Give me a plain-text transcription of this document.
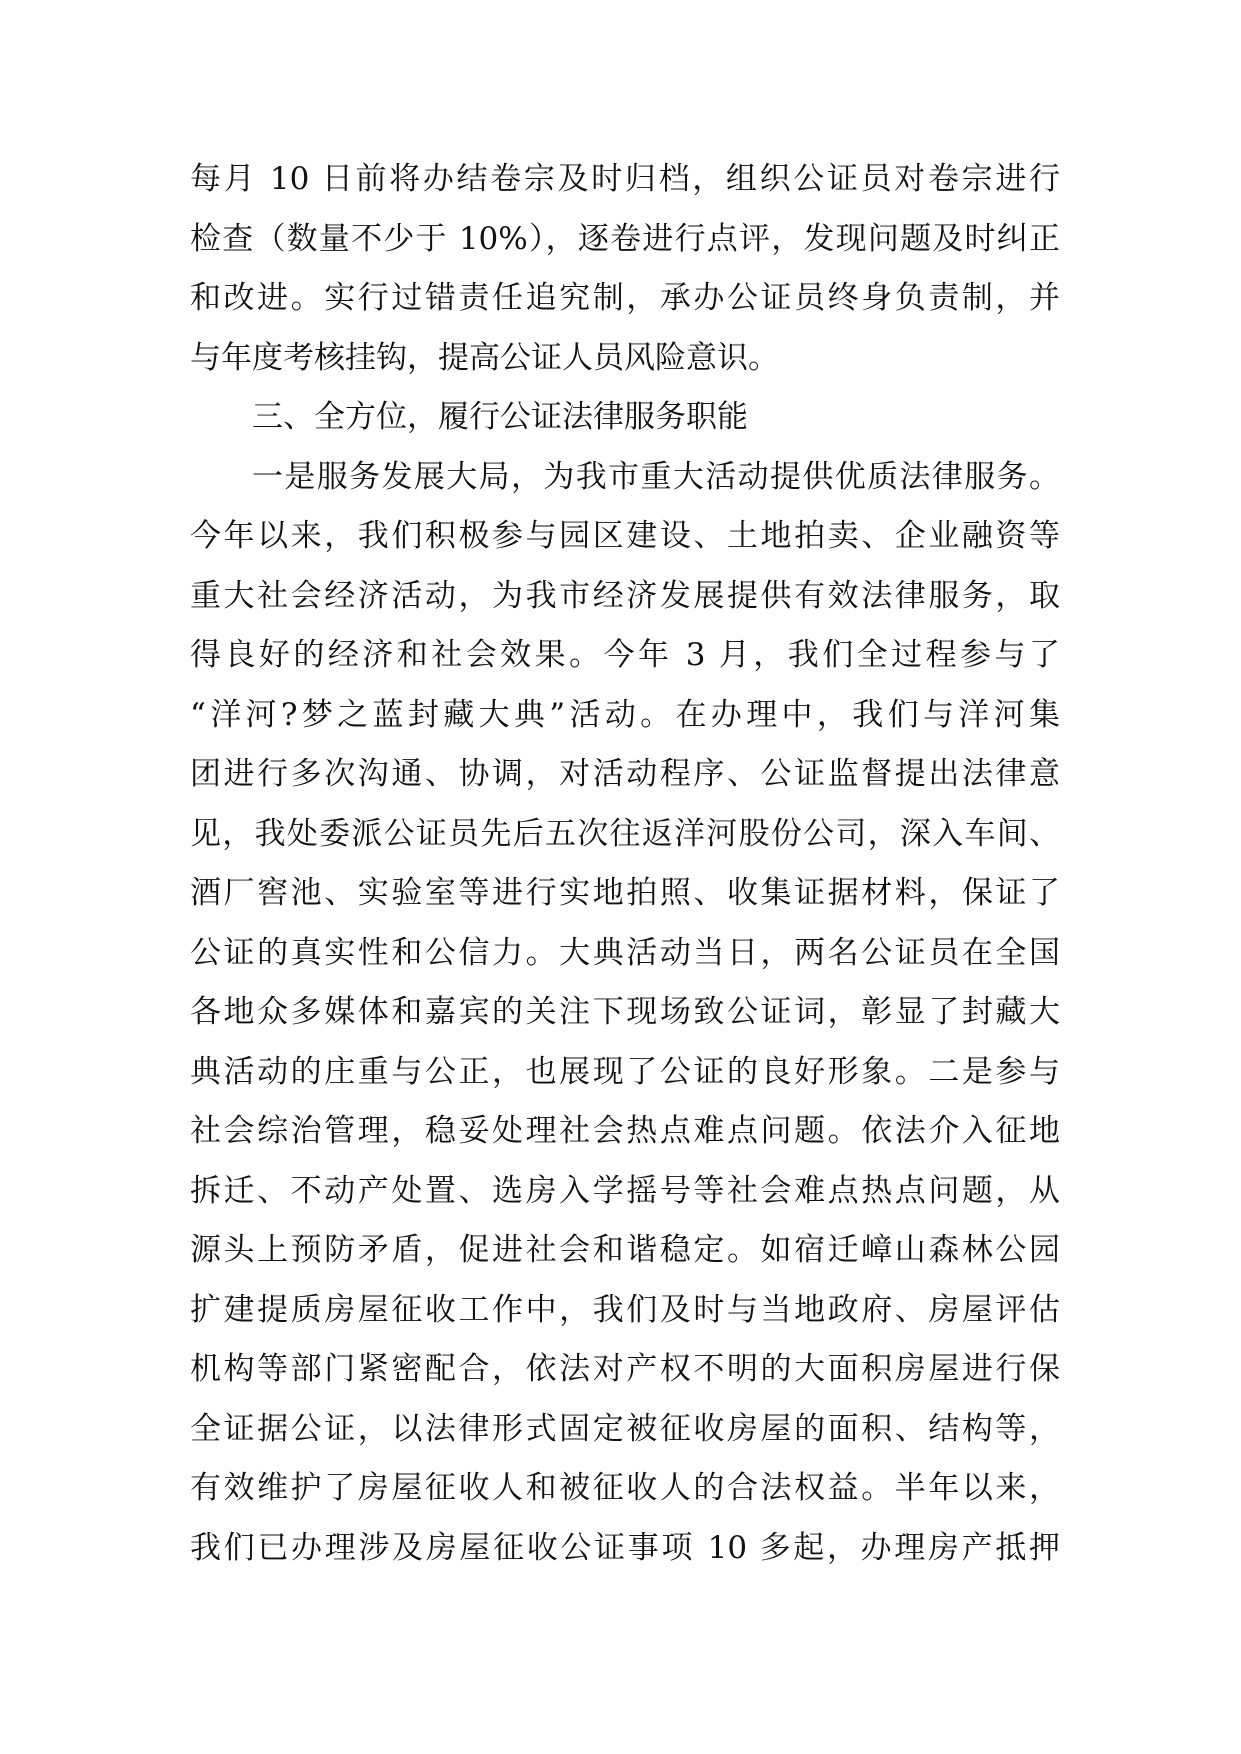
每月 10 日前将办结卷宗及时归档，组织公证员对卷宗进行
检查（数量不少于 10%），逐卷进行点评，发现问题及时纠正
和改进。实行过错责任追究制，承办公证员终身负责制，并
与年度考核挂钩，提高公证人员风险意识。
三、全方位，履行公证法律服务职能
一是服务发展大局，为我市重大活动提供优质法律服务。
今年以来，我们积极参与园区建设、土地拍卖、企业融资等
重大社会经济活动，为我市经济发展提供有效法律服务，取
得良好的经济和社会效果。今年 3 月，我们全过程参与了
“洋河?梦之蓝封藏大典”活动。在办理中，我们与洋河集
团进行多次沟通、协调，对活动程序、公证监督提出法律意
见，我处委派公证员先后五次往返洋河股份公司，深入车间、
酒厂窖池、实验室等进行实地拍照、收集证据材料，保证了
公证的真实性和公信力。大典活动当日，两名公证员在全国
各地众多媒体和嘉宾的关注下现场致公证词，彰显了封藏大
典活动的庄重与公正，也展现了公证的良好形象。二是参与
社会综治管理，稳妥处理社会热点难点问题。依法介入征地
拆迁、不动产处置、选房入学摇号等社会难点热点问题，从
源头上预防矛盾，促进社会和谐稳定。如宿迁嶂山森林公园
扩建提质房屋征收工作中，我们及时与当地政府、房屋评估
机构等部门紧密配合，依法对产权不明的大面积房屋进行保
全证据公证，以法律形式固定被征收房屋的面积、结构等，
有效维护了房屋征收人和被征收人的合法权益。半年以来，
我们已办理涉及房屋征收公证事项 10 多起，办理房产抵押
